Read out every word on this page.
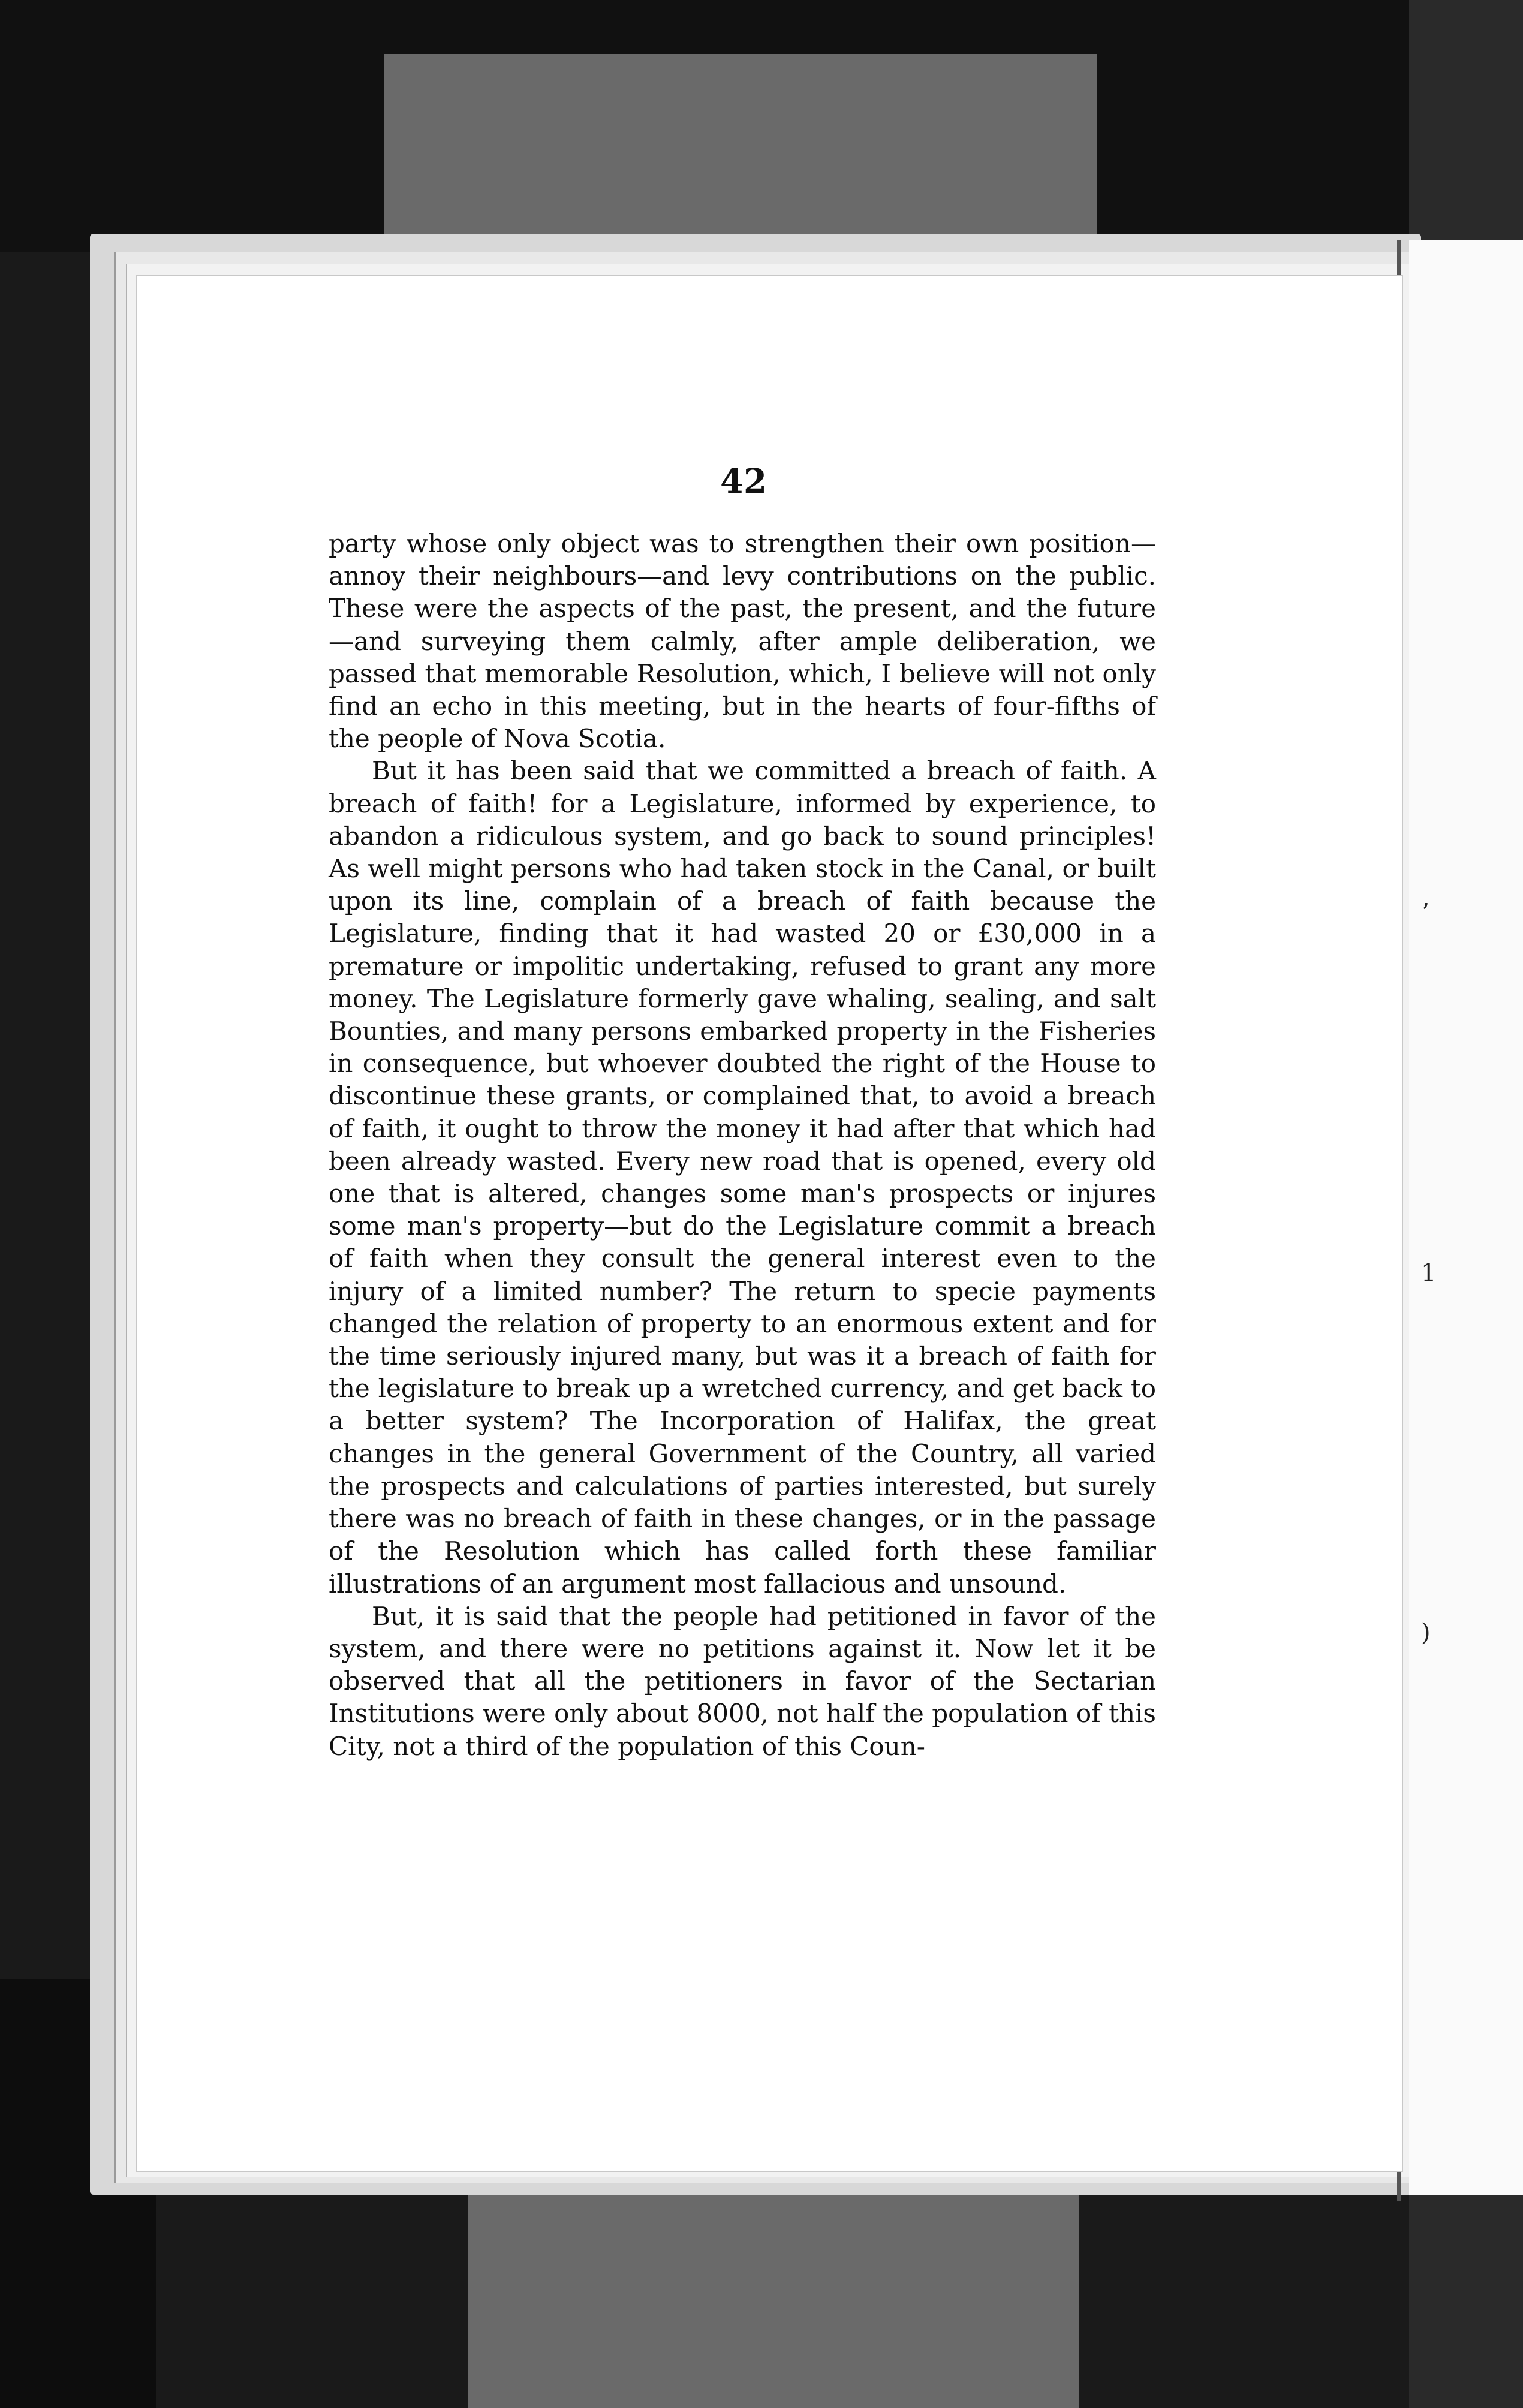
ʼ
1
)
42

party whose only object was to strengthen their own position—annoy their neighbours—and levy contributions on the public. These were the aspects of the past, the present, and the future—and surveying them calmly, after ample deliberation, we passed that memorable Resolution, which, I believe will not only find an echo in this meeting, but in the hearts of four-fifths of the people of Nova Scotia.

But it has been said that we committed a breach of faith. A breach of faith! for a Legislature, informed by experience, to abandon a ridiculous system, and go back to sound principles! As well might persons who had taken stock in the Canal, or built upon its line, complain of a breach of faith because the Legislature, finding that it had wasted 20 or £30,000 in a premature or impolitic undertaking, refused to grant any more money. The Legislature formerly gave whaling, sealing, and salt Bounties, and many persons embarked property in the Fisheries in consequence, but whoever doubted the right of the House to discontinue these grants, or complained that, to avoid a breach of faith, it ought to throw the money it had after that which had been already wasted. Every new road that is opened, every old one that is altered, changes some man's prospects or injures some man's property—but do the Legislature commit a breach of faith when they consult the general interest even to the injury of a limited number? The return to specie payments changed the relation of property to an enormous extent and for the time seriously injured many, but was it a breach of faith for the legislature to break up a wretched currency, and get back to a better system? The Incorporation of Halifax, the great changes in the general Government of the Country, all varied the prospects and calculations of parties interested, but surely there was no breach of faith in these changes, or in the passage of the Resolution which has called forth these familiar illustrations of an argument most fallacious and unsound.

But, it is said that the people had petitioned in favor of the system, and there were no petitions against it. Now let it be observed that all the petitioners in favor of the Sectarian Institutions were only about 8000, not half the population of this City, not a third of the population of this Coun-
